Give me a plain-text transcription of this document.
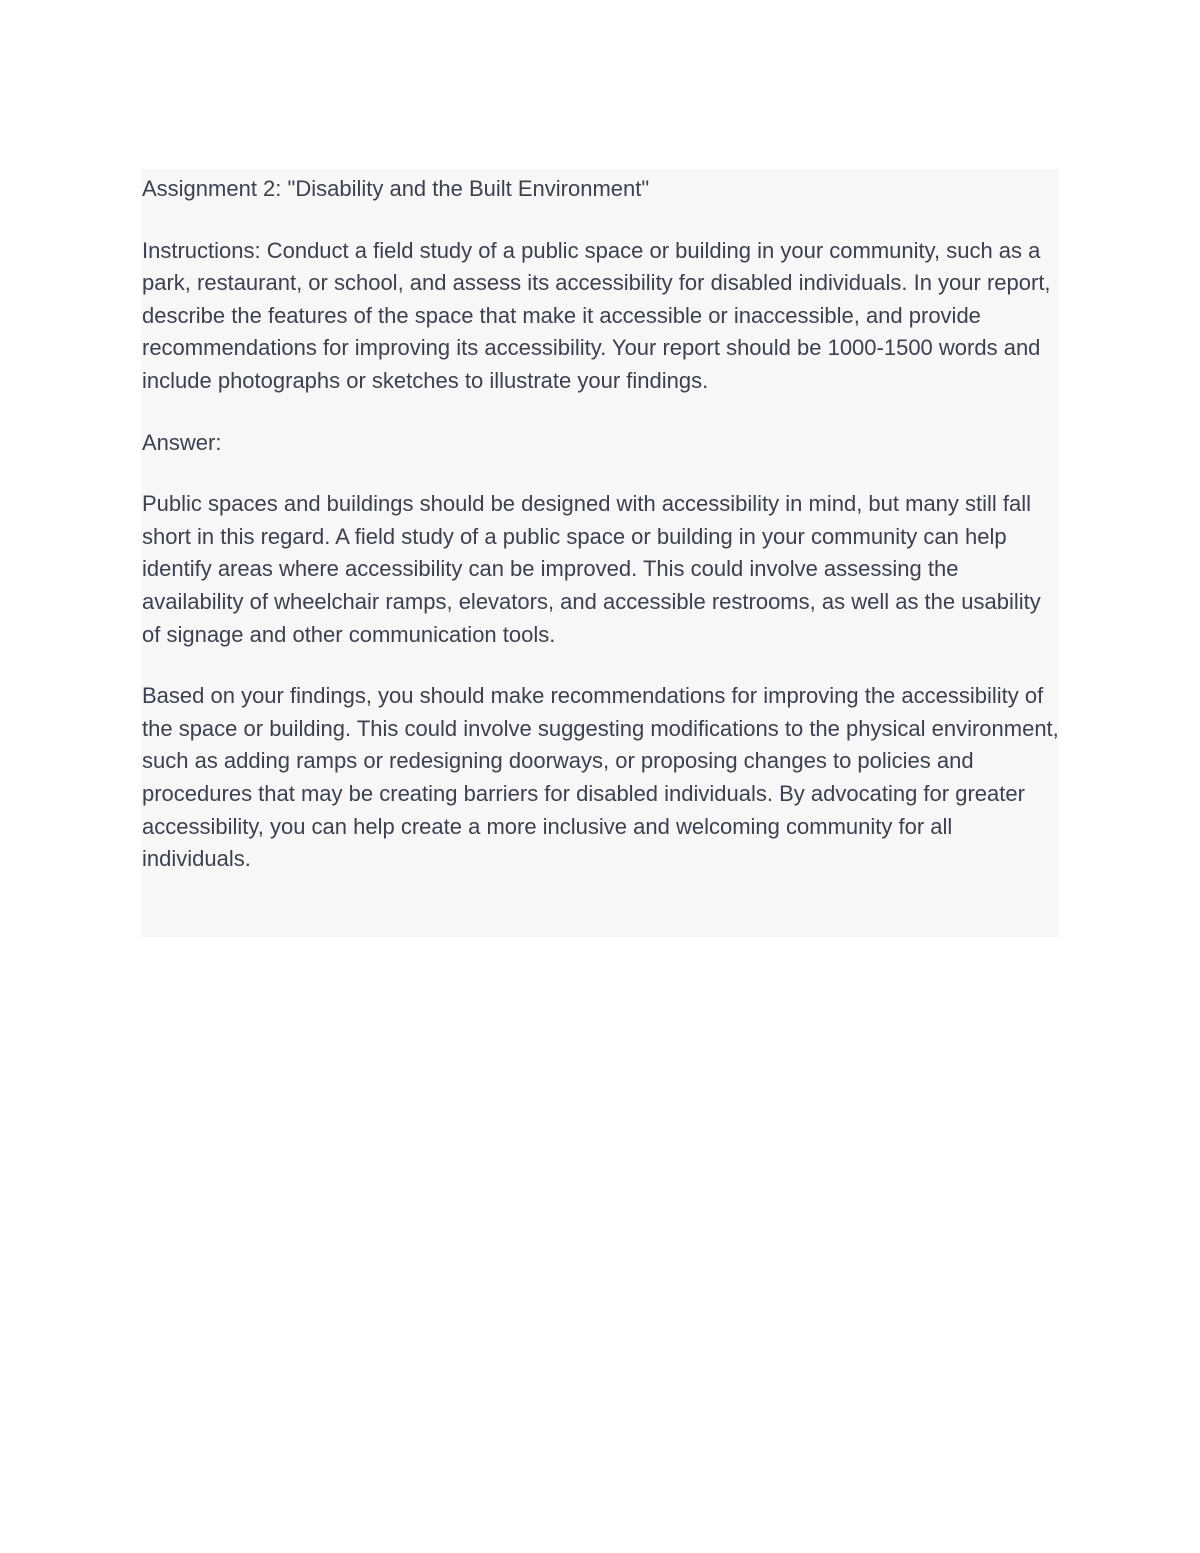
Assignment 2: "Disability and the Built Environment"

Instructions: Conduct a field study of a public space or building in your community, such as a park, restaurant, or school, and assess its accessibility for disabled individuals. In your report, describe the features of the space that make it accessible or inaccessible, and provide recommendations for improving its accessibility. Your report should be 1000-1500 words and include photographs or sketches to illustrate your findings.

Answer:

Public spaces and buildings should be designed with accessibility in mind, but many still fall short in this regard. A field study of a public space or building in your community can help identify areas where accessibility can be improved. This could involve assessing the availability of wheelchair ramps, elevators, and accessible restrooms, as well as the usability of signage and other communication tools.

Based on your findings, you should make recommendations for improving the accessibility of the space or building. This could involve suggesting modifications to the physical environment, such as adding ramps or redesigning doorways, or proposing changes to policies and procedures that may be creating barriers for disabled individuals. By advocating for greater accessibility, you can help create a more inclusive and welcoming community for all individuals.
